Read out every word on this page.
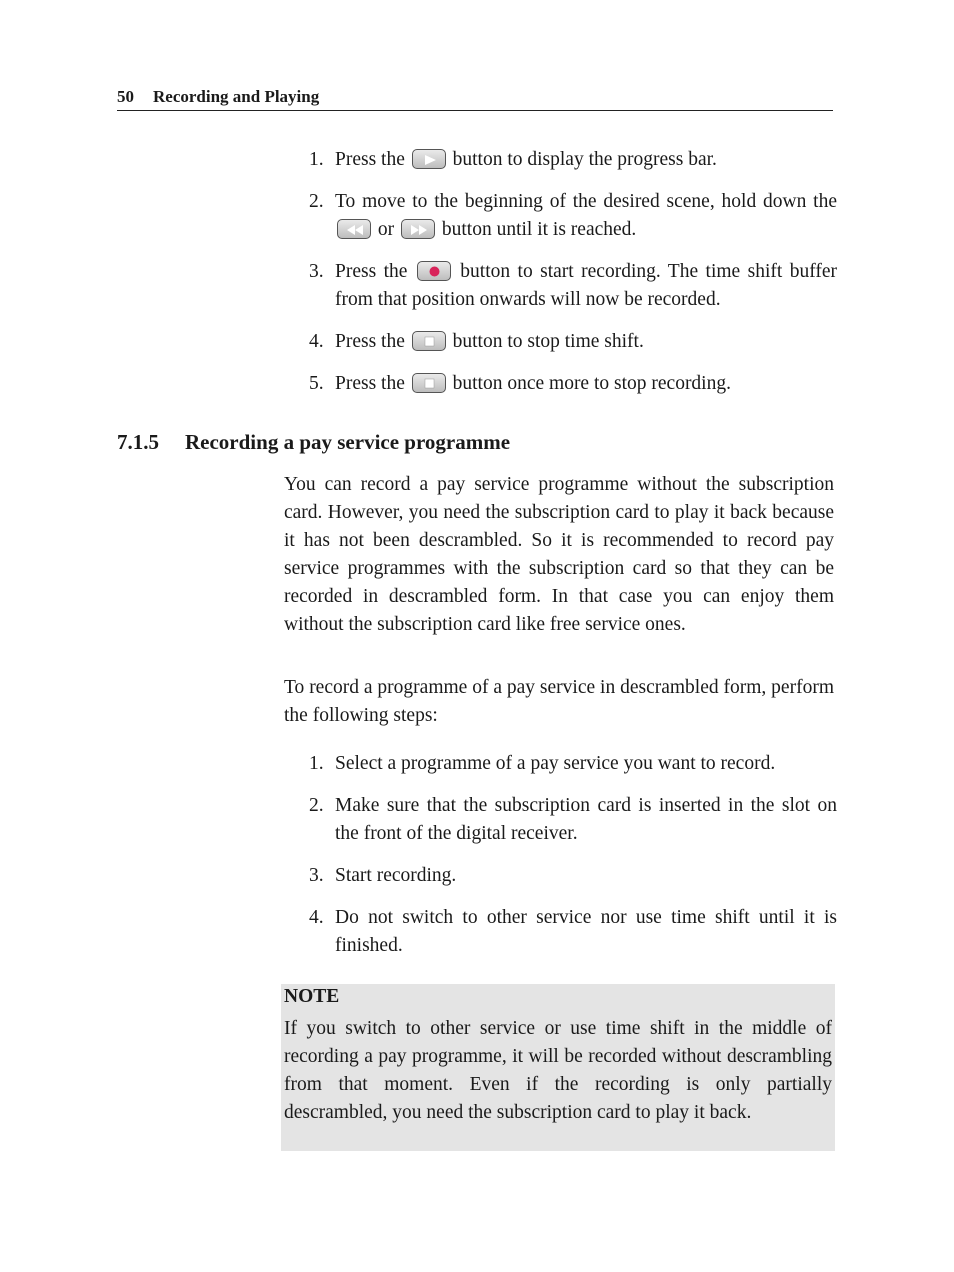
50 Recording and Playing
1. Press the button to display the progress bar.
2. To move to the beginning of the desired scene, hold down the
or button until it is reached.
3. Press the	button to start recording. The time shift buffer from that position onwards will now be recorded.
4. Press the button to stop time shift.
5. Press the button once more to stop recording.
7.1.5 Recording a pay service programme

You can record a pay service programme without the subscription card. However, you need the subscription card to play it back because it has not been descrambled. So it is recommended to record pay service programmes with the subscription card so that they can be recorded in descrambled form. In that case you can enjoy them without the subscription card like free service ones.

To record a programme of a pay service in descrambled form, perform the following steps:

1. Select a programme of a pay service you want to record.
2. Make sure that the subscription card is inserted in the slot on the front of the digital receiver.
3. Start recording.
4. Do not switch to other service nor use time shift until it is finished.
NOTE

If you switch to other service or use time shift in the middle of recording a pay programme, it will be recorded without descrambling from that moment. Even if the recording is only partially descrambled, you need the subscription card to play it back.
